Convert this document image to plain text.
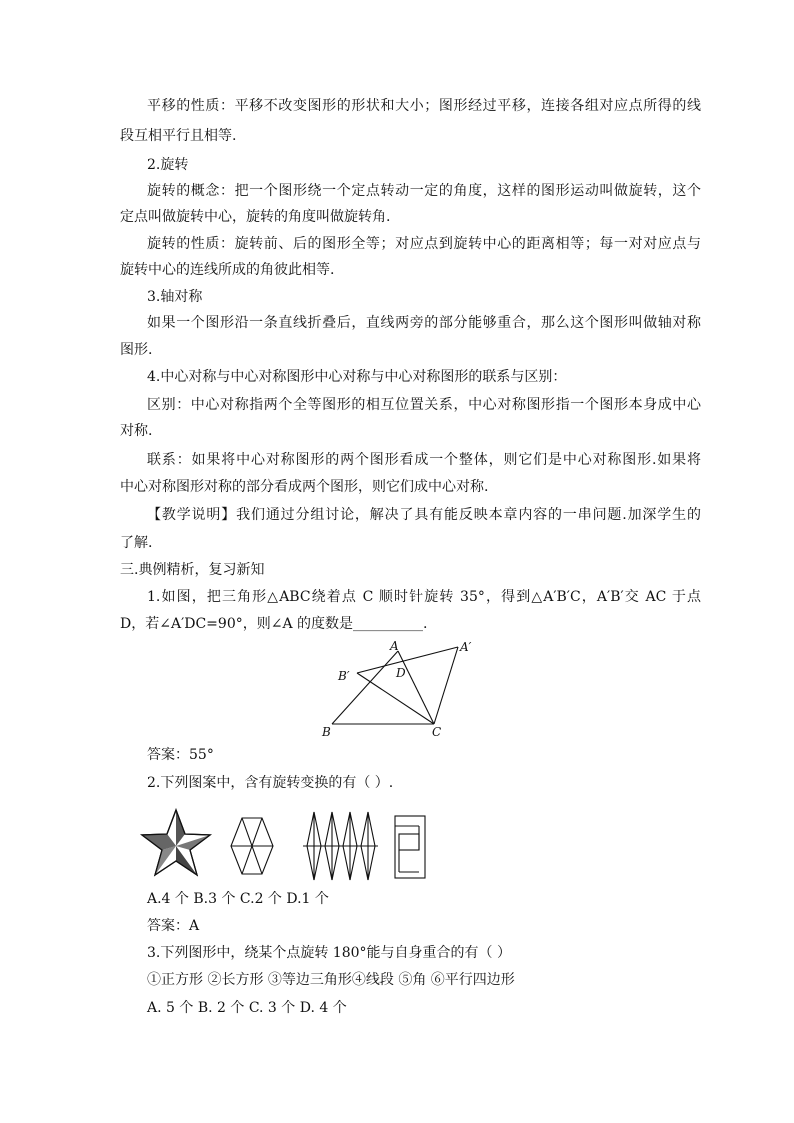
平移的性质：平移不改变图形的形状和大小；图形经过平移，连接各组对应点所得的线
段互相平行且相等.
2.旋转
旋转的概念：把一个图形绕一个定点转动一定的角度，这样的图形运动叫做旋转，这个
定点叫做旋转中心，旋转的角度叫做旋转角.
旋转的性质：旋转前、后的图形全等；对应点到旋转中心的距离相等；每一对对应点与
旋转中心的连线所成的角彼此相等.
3.轴对称
如果一个图形沿一条直线折叠后，直线两旁的部分能够重合，那么这个图形叫做轴对称
图形.
4.中心对称与中心对称图形中心对称与中心对称图形的联系与区别：
区别：中心对称指两个全等图形的相互位置关系，中心对称图形指一个图形本身成中心
对称.
联系：如果将中心对称图形的两个图形看成一个整体，则它们是中心对称图形.如果将
中心对称图形对称的部分看成两个图形，则它们成中心对称.
【教学说明】我们通过分组讨论，解决了具有能反映本章内容的一串问题.加深学生的
了解.
三.典例精析，复习新知
1.如图，把三角形△ABC绕着点 C 顺时针旋转 35°，得到△A′B′C，A′B′交 AC 于点
D，若∠A′DC=90°，则∠A 的度数是__________.
A	A′
B′	D
B	C
答案：55°
2.下列图案中，含有旋转变换的有（ ）.
A.4 个 B.3 个 C.2 个 D.1 个
答案：A
3.下列图形中，绕某个点旋转 180°能与自身重合的有（ ）
①正方形 ②长方形 ③等边三角形④线段 ⑤角 ⑥平行四边形
A. 5 个 B. 2 个 C. 3 个 D. 4 个
